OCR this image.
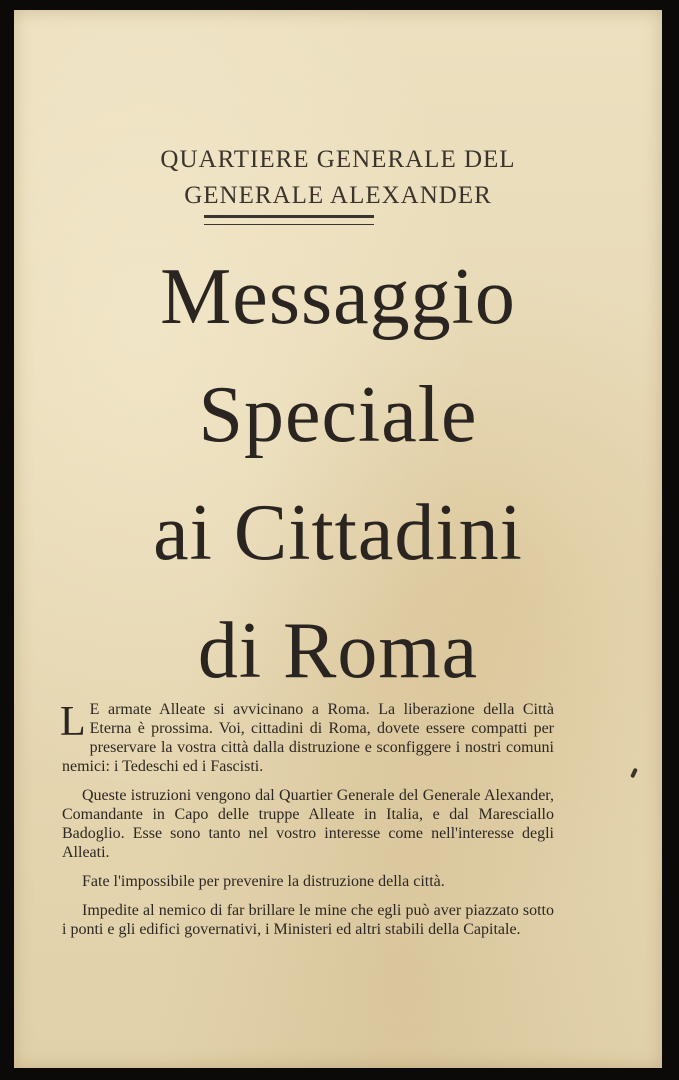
QUARTIERE GENERALE DEL
GENERALE ALEXANDER
Messaggio
Speciale
ai Cittadini
di Roma

L E armate Alleate si avvicinano a Roma. La liberazione della Città Eterna è prossima. Voi, cittadini di Roma, dovete essere compatti per preservare la vostra città dalla distruzione e sconfiggere i nostri comuni nemici: i Tedeschi ed i Fascisti.

Queste istruzioni vengono dal Quartier Generale del Generale Alexander, Comandante in Capo delle truppe Alleate in Italia, e dal Maresciallo Badoglio. Esse sono tanto nel vostro interesse come nell'interesse degli Alleati.

Fate l'impossibile per prevenire la distruzione della città.

Impedite al nemico di far brillare le mine che egli può aver piazzato sotto i ponti e gli edifici governativi, i Ministeri ed altri stabili della Capitale.
